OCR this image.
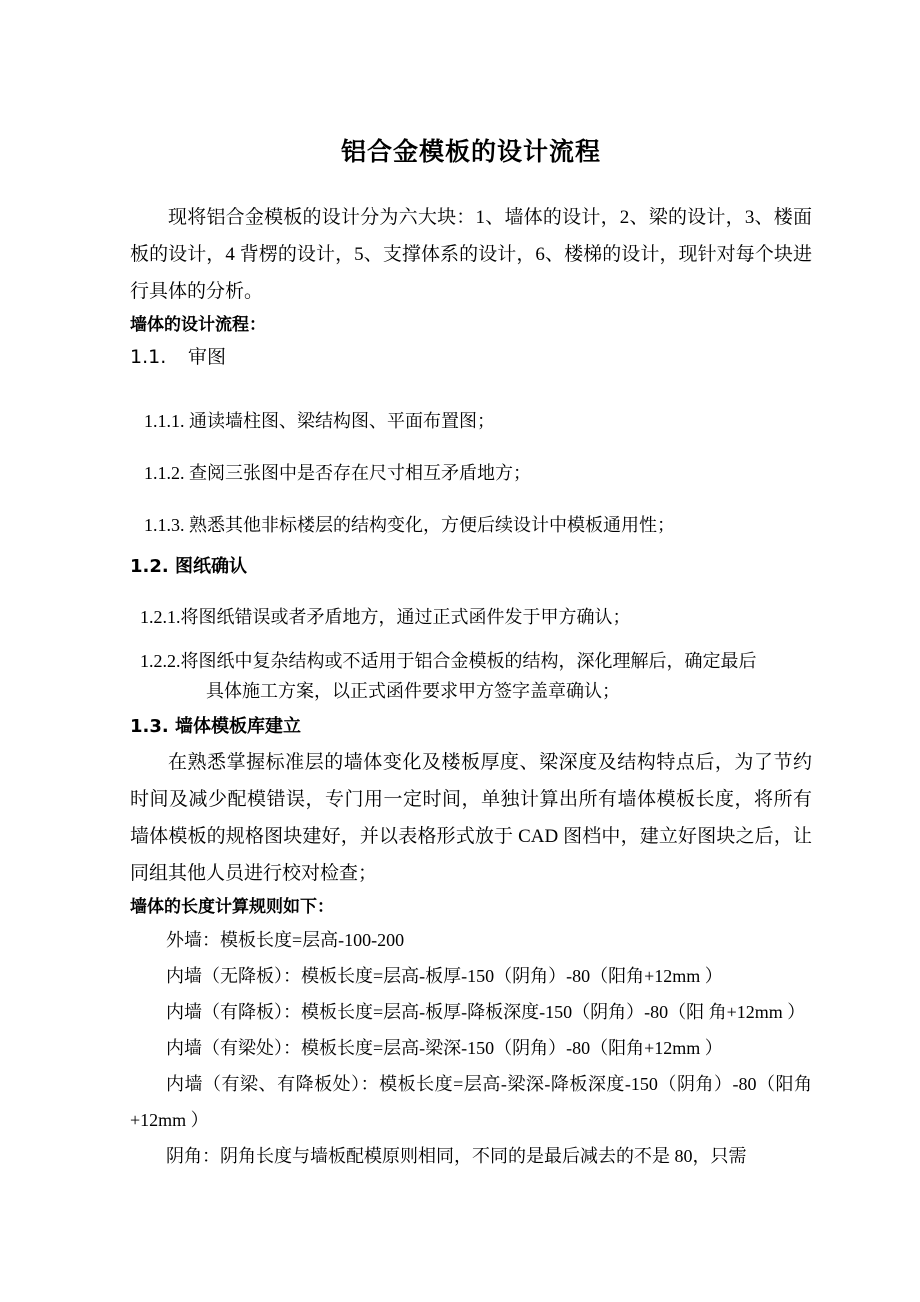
铝合金模板的设计流程

现将铝合金模板的设计分为六大块：1、墙体的设计，2、梁的设计，3、楼面板的设计，4 背楞的设计，5、支撑体系的设计，6、楼梯的设计，现针对每个块进行具体的分析。

墙体的设计流程：

1.1. 审图

1.1.1. 通读墙柱图、梁结构图、平面布置图；

1.1.2. 查阅三张图中是否存在尺寸相互矛盾地方；

1.1.3. 熟悉其他非标楼层的结构变化，方便后续设计中模板通用性；

1.2. 图纸确认

1.2.1.将图纸错误或者矛盾地方，通过正式函件发于甲方确认；

1.2.2.将图纸中复杂结构或不适用于铝合金模板的结构，深化理解后，确定最后
具体施工方案，以正式函件要求甲方签字盖章确认；

1.3. 墙体模板库建立

在熟悉掌握标准层的墙体变化及楼板厚度、梁深度及结构特点后，为了节约时间及减少配模错误，专门用一定时间，单独计算出所有墙体模板长度，将所有墙体模板的规格图块建好，并以表格形式放于 CAD 图档中，建立好图块之后，让同组其他人员进行校对检查；

墙体的长度计算规则如下：

外墙：模板长度=层高-100-200

内墙（无降板）：模板长度=层高-板厚-150（阴角）-80（阳角+12mm ）

内墙（有降板）：模板长度=层高-板厚-降板深度-150（阴角）-80（阳 角+12mm ）

内墙（有梁处）：模板长度=层高-梁深-150（阴角）-80（阳角+12mm ）

内墙（有梁、有降板处）：模板长度=层高-梁深-降板深度-150（阴角）-80（阳角+12mm ）

阴角：阴角长度与墙板配模原则相同，不同的是最后减去的不是 80，只需
